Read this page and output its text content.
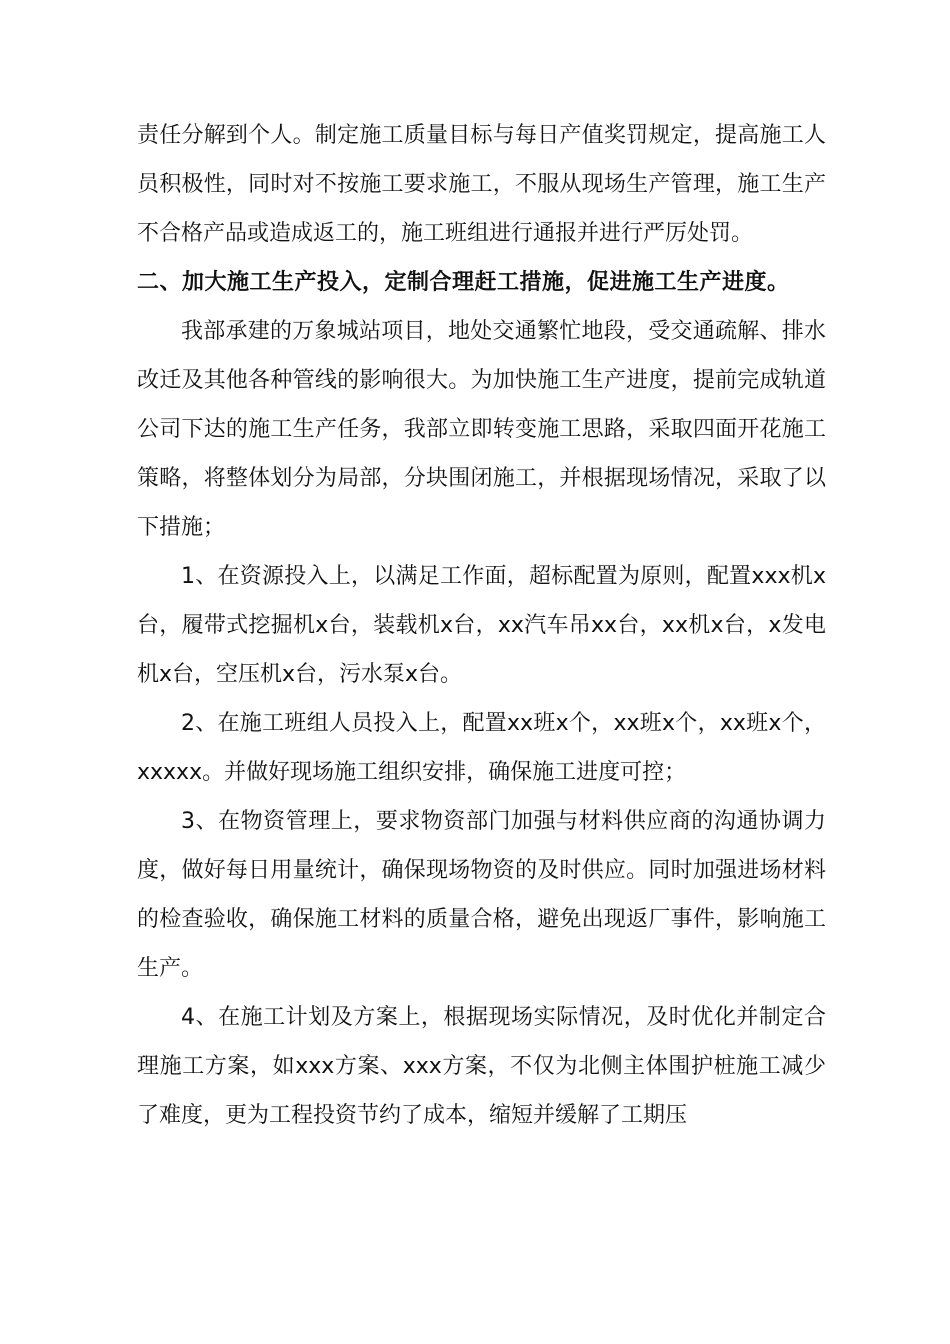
责任分解到个人。制定施工质量目标与每日产值奖罚规定，提高施工人员积极性，同时对不按施工要求施工，不服从现场生产管理，施工生产不合格产品或造成返工的，施工班组进行通报并进行严厉处罚。

二、加大施工生产投入，定制合理赶工措施，促进施工生产进度。

我部承建的万象城站项目，地处交通繁忙地段，受交通疏解、排水改迁及其他各种管线的影响很大。为加快施工生产进度，提前完成轨道公司下达的施工生产任务，我部立即转变施工思路，采取四面开花施工策略，将整体划分为局部，分块围闭施工，并根据现场情况，采取了以下措施；

1、在资源投入上，以满足工作面，超标配置为原则，配置xxx机x台，履带式挖掘机x台，装载机x台，xx汽车吊xx台，xx机x台，x发电机x台，空压机x台，污水泵x台。

2、在施工班组人员投入上，配置xx班x个，xx班x个，xx班x个，xxxxx。并做好现场施工组织安排，确保施工进度可控；

3、在物资管理上，要求物资部门加强与材料供应商的沟通协调力度，做好每日用量统计，确保现场物资的及时供应。同时加强进场材料的检查验收，确保施工材料的质量合格，避免出现返厂事件，影响施工生产。

4、在施工计划及方案上，根据现场实际情况，及时优化并制定合理施工方案，如xxx方案、xxx方案，不仅为北侧主体围护桩施工减少了难度，更为工程投资节约了成本，缩短并缓解了工期压
